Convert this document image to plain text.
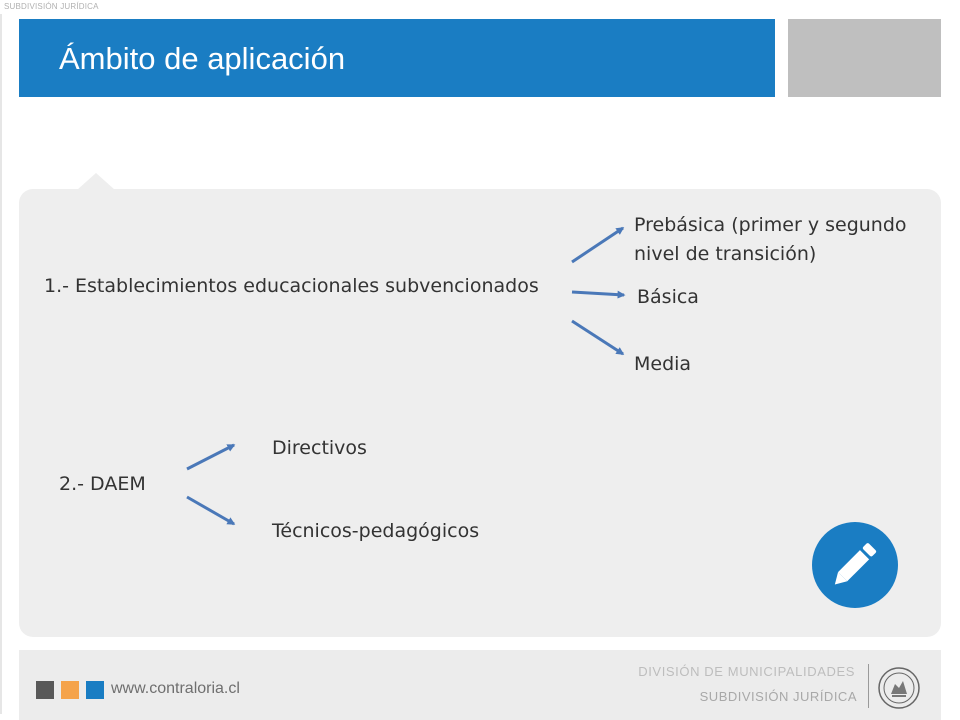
SUBDIVISIÓN JURÍDICA
Ámbito de aplicación
1.- Establecimientos educacionales subvencionados
Prebásica (primer y segundo nivel de transición)
Básica
Media
2.- DAEM
Directivos
Técnicos-pedagógicos
www.contraloria.cl
DIVISIÓN DE MUNICIPALIDADES
SUBDIVISIÓN JURÍDICA
